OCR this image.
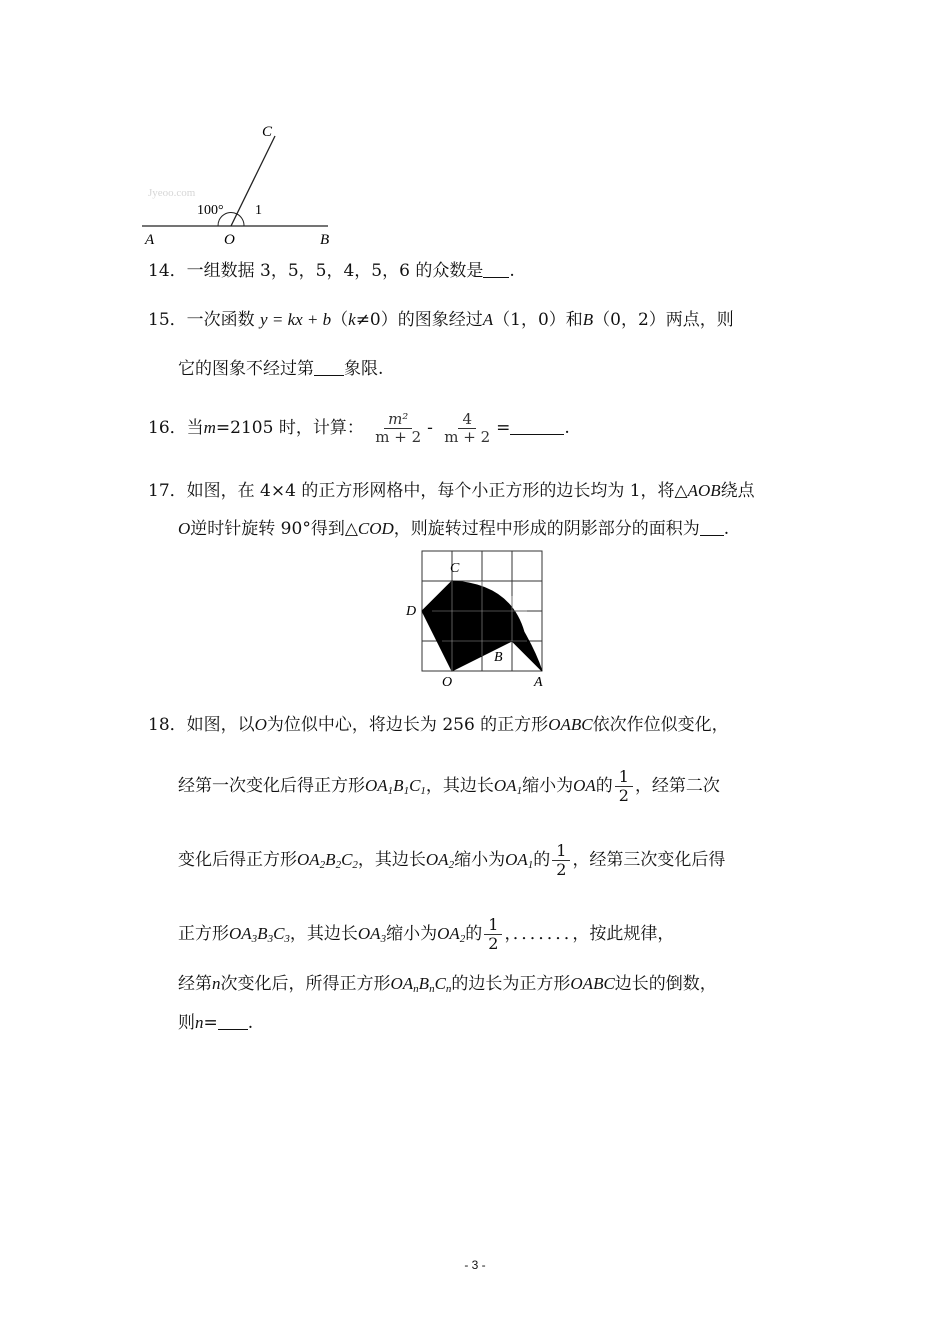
Jyeoo.com
C
A	O	B
100° 1
14．一组数据 3，5，5，4，5，6 的众数是 .
15．一次函数 y = kx + b（k≠0）的图象经过A（1，0）和B（0，2）两点，则
它的图象不经过第 象限.
16．当m=2105 时，计算： $\frac{\text{m²}}{m + 2} - \frac{4}{m + 2}$ =	.
17．如图，在 4×4 的正方形网格中，每个小正方形的边长均为 1，将△AOB绕点
O逆时针旋转 90°得到△COD，则旋转过程中形成的阴影部分的面积为 .
C
D
B
O	A
18．如图，以O为位似中心，将边长为 256 的正方形OABC依次作位似变化，
经第一次变化后得正方形$OA_1B_1C_1$，其边长$OA_1$缩小为OA的 $\frac{1}{2}$ ，经第二次
变化后得正方形$OA_2B_2C_2$，其边长$OA_2$缩小为$OA_1$的 $\frac{1}{2}$ ，经第三次变化后得
正方形$OA_3B_3C_3$，其边长$OA_3$缩小为$OA_2$的 $\frac{1}{2}$ ，．．．．．．．，按此规律，
经第n次变化后，所得正方形$OA_nB_nC_n$的边长为正方形OABC边长的倒数，
则n= .
- 3 -
